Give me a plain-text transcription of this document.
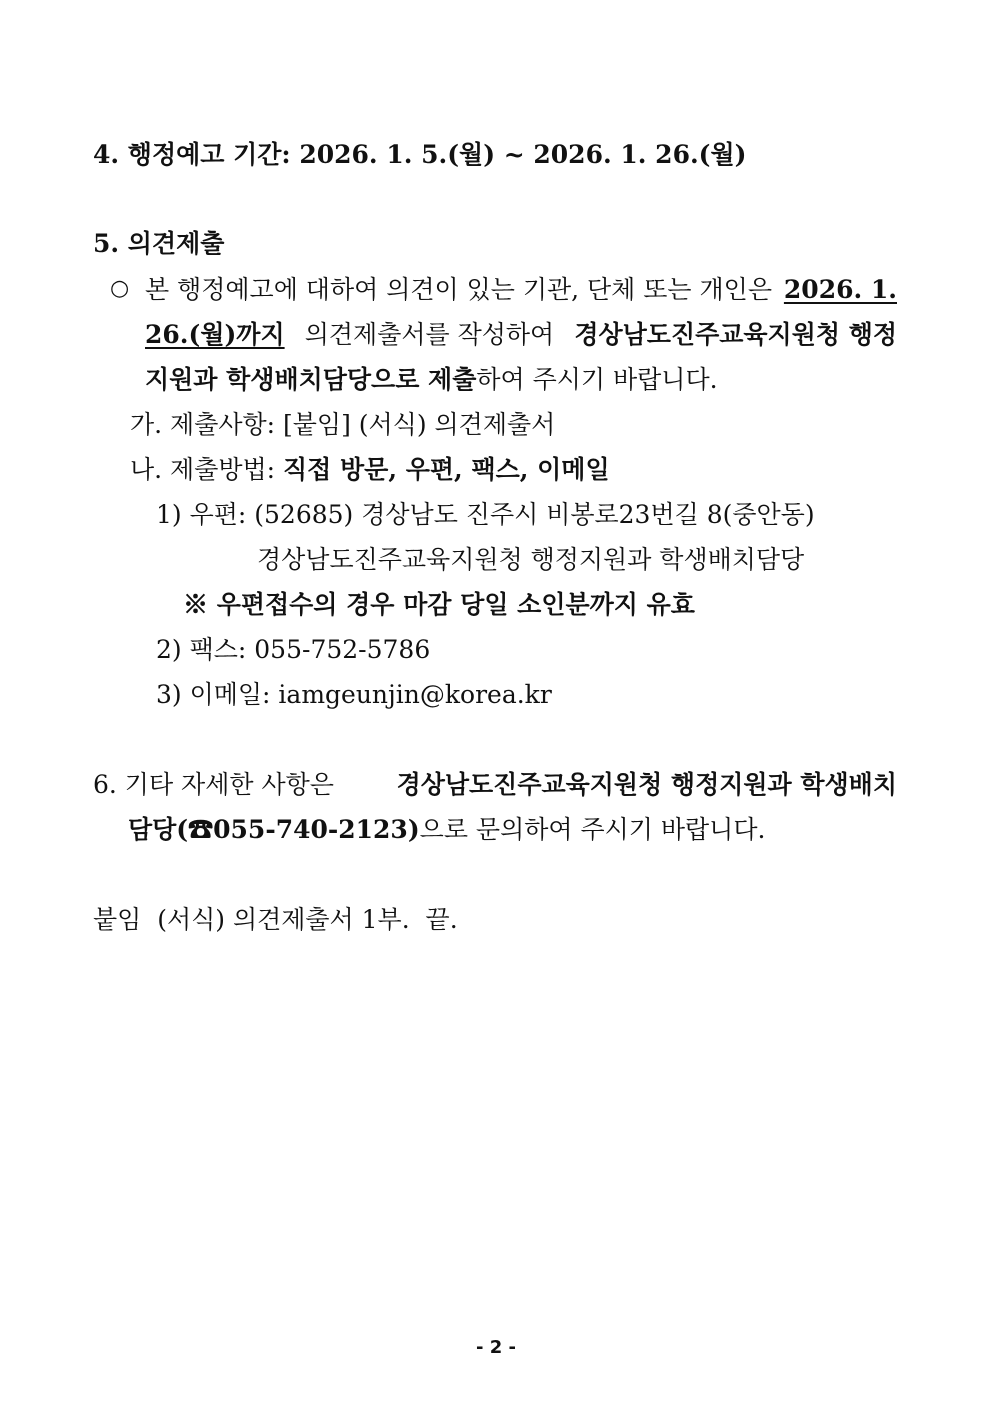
4. 행정예고 기간: 2026. 1. 5.(월) ~ 2026. 1. 26.(월)
5. 의견제출
○ 본 행정예고에 대하여 의견이 있는 기관, 단체 또는 개인은 2026. 1.
26.(월)까지 의견제출서를 작성하여 경상남도진주교육지원청 행정
지원과 학생배치담당으로 제출하여 주시기 바랍니다.
가. 제출사항: [붙임] (서식) 의견제출서
나. 제출방법: 직접 방문, 우편, 팩스, 이메일
1) 우편: (52685) 경상남도 진주시 비봉로23번길 8(중안동)
경상남도진주교육지원청 행정지원과 학생배치담당
※ 우편접수의 경우 마감 당일 소인분까지 유효
2) 팩스: 055-752-5786
3) 이메일: iamgeunjin@korea.kr
6. 기타 자세한 사항은	경상남도진주교육지원청 행정지원과 학생배치
담당(☎055-740-2123)으로 문의하여 주시기 바랍니다.
붙임  (서식) 의견제출서 1부.  끝.
- 2 -
